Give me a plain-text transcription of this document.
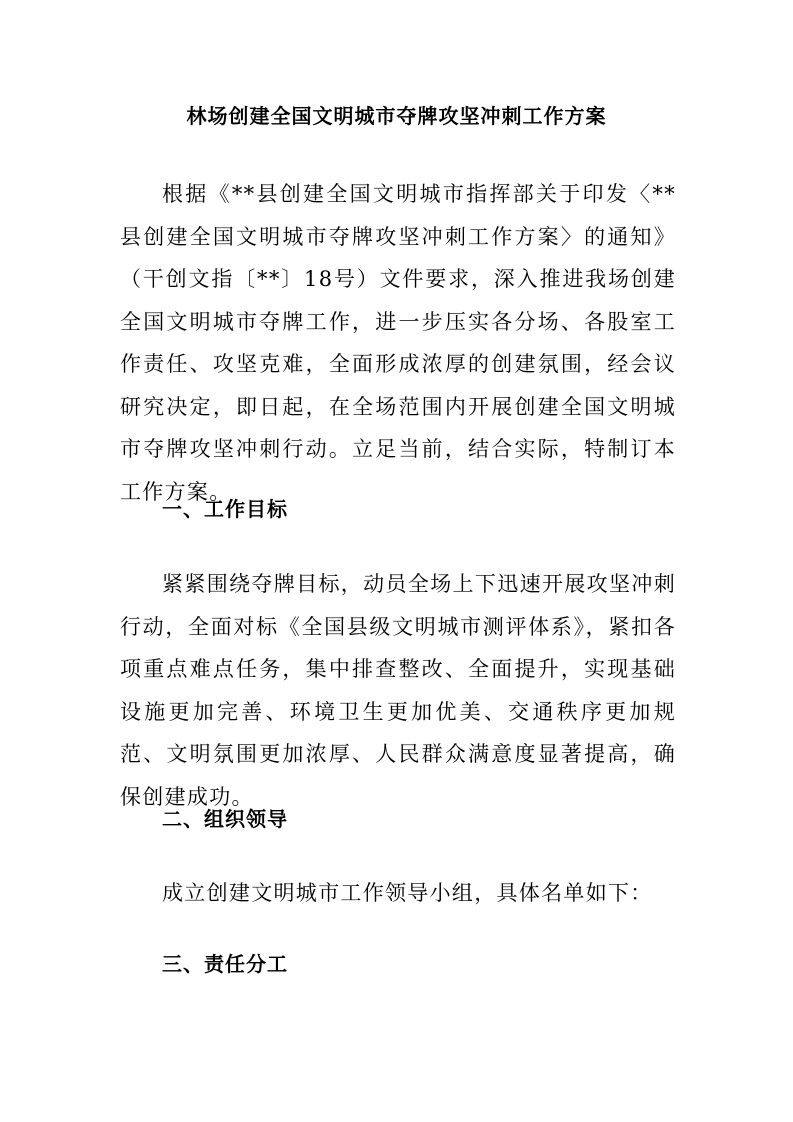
林场创建全国文明城市夺牌攻坚冲刺工作方案

根据《**县创建全国文明城市指挥部关于印发〈**县创建全国文明城市夺牌攻坚冲刺工作方案〉的通知》（干创文指〔**〕18号）文件要求，深入推进我场创建全国文明城市夺牌工作，进一步压实各分场、各股室工作责任、攻坚克难，全面形成浓厚的创建氛围，经会议研究决定，即日起，在全场范围内开展创建全国文明城市夺牌攻坚冲刺行动。立足当前，结合实际，特制订本工作方案。

一、工作目标

紧紧围绕夺牌目标，动员全场上下迅速开展攻坚冲刺行动，全面对标《全国县级文明城市测评体系》，紧扣各项重点难点任务，集中排查整改、全面提升，实现基础设施更加完善、环境卫生更加优美、交通秩序更加规范、文明氛围更加浓厚、人民群众满意度显著提高，确保创建成功。

二、组织领导

成立创建文明城市工作领导小组，具体名单如下：

三、责任分工
